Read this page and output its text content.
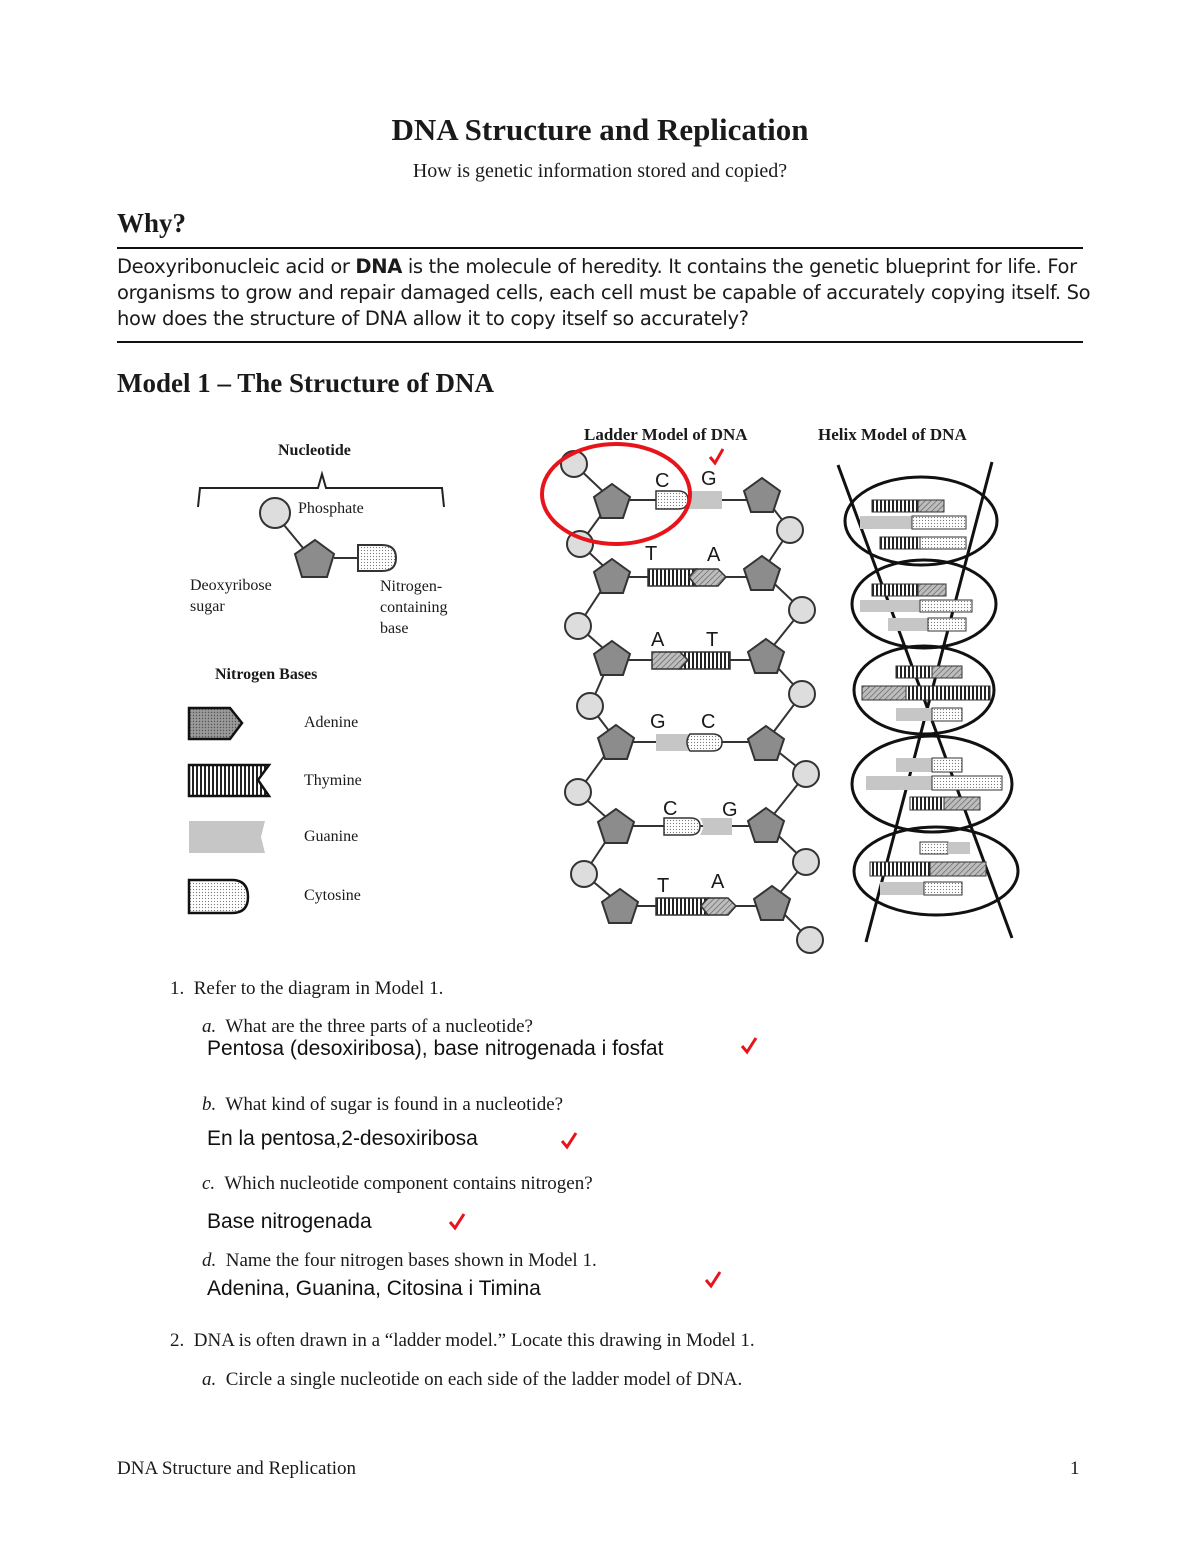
DNA Structure and Replication
How is genetic information stored and copied?
Why?
Deoxyribonucleic acid or DNA is the molecule of heredity. It contains the genetic blueprint for life. For organisms to grow and repair damaged cells, each cell must be capable of accurately copying itself. So how does the structure of DNA allow it to copy itself so accurately?
Model 1 – The Structure of DNA
Nucleotide
Phosphate
Deoxyribose sugar
Nitrogen-containing base
Nitrogen Bases
Adenine
Thymine
Guanine
Cytosine
Ladder Model of DNA	Helix Model of DNA
C G
T A
A T
G C
C G
T A
1. Refer to the diagram in Model 1.
a. What are the three parts of a nucleotide?
Pentosa (desoxiribosa), base nitrogenada i fosfat
b. What kind of sugar is found in a nucleotide?
En la pentosa,2-desoxiribosa
c. Which nucleotide component contains nitrogen?
Base nitrogenada
d. Name the four nitrogen bases shown in Model 1.
Adenina, Guanina, Citosina i Timina
2. DNA is often drawn in a “ladder model.” Locate this drawing in Model 1.
a. Circle a single nucleotide on each side of the ladder model of DNA.
DNA Structure and Replication	1
